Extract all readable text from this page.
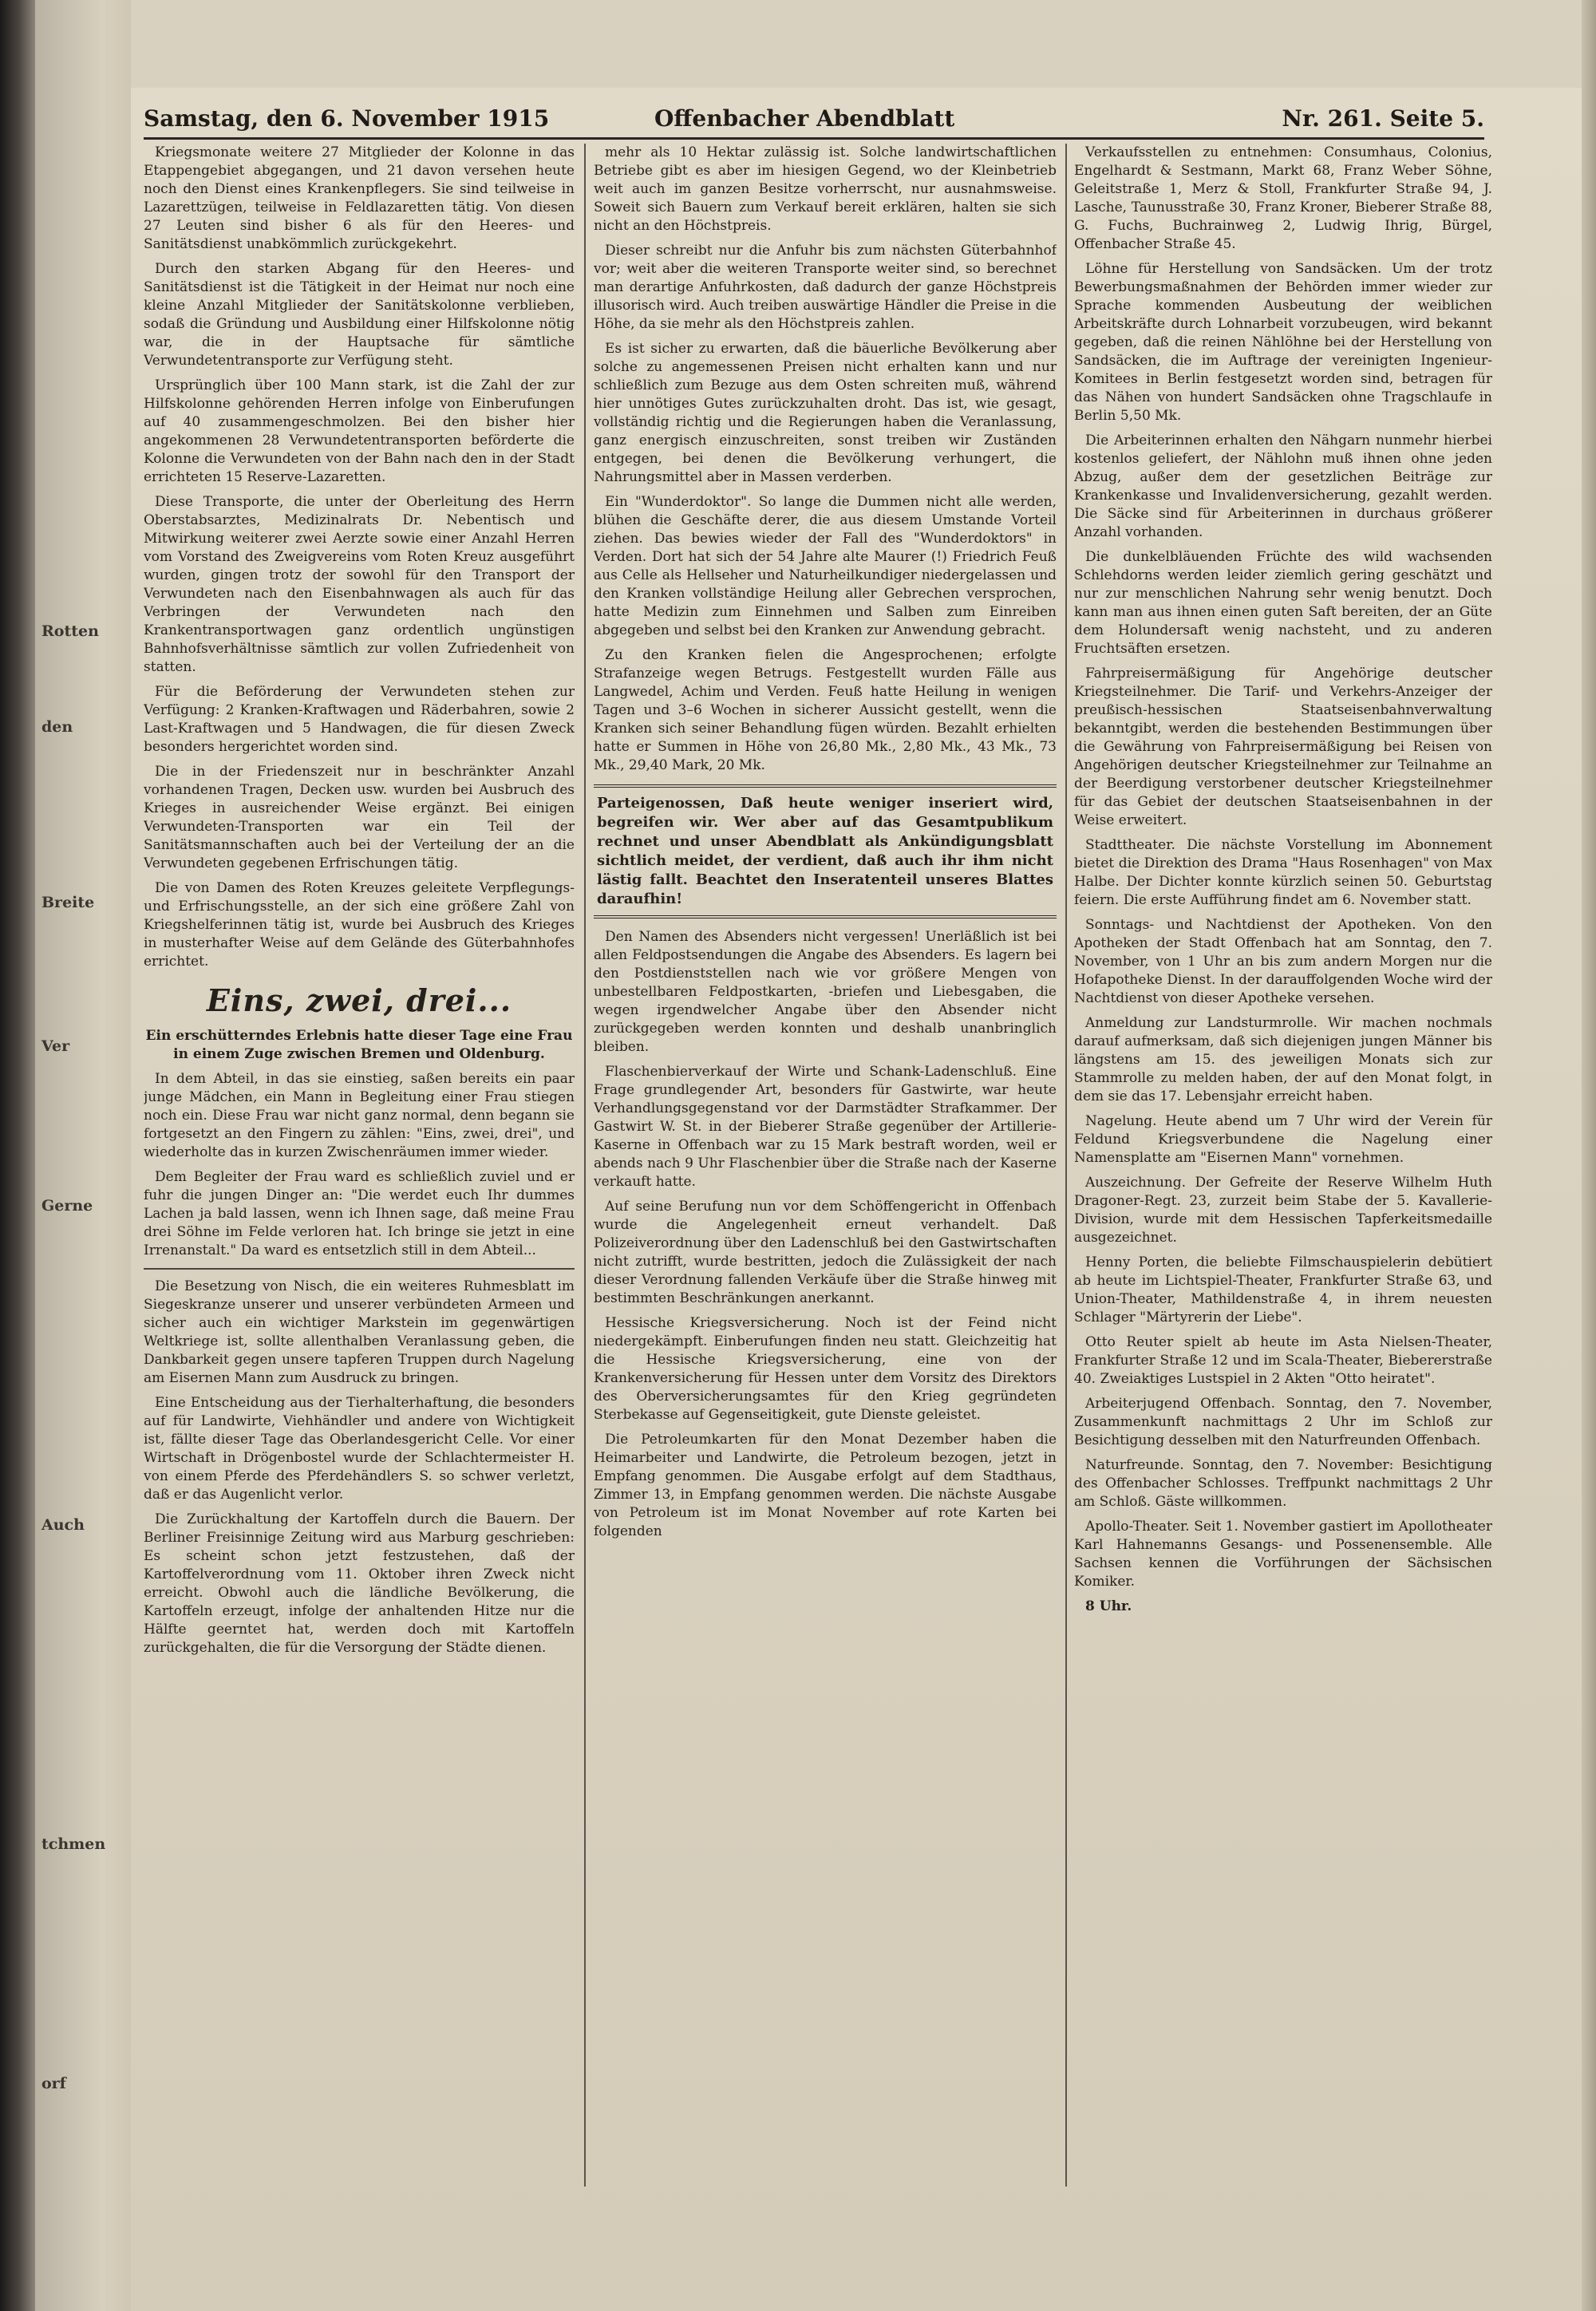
Rotten
den
Breite
Ver
Gerne
Auch
tchmen
orf
Samstag, den 6. November 1915	Offenbacher Abendblatt	Nr. 261. Seite 5.

Kriegsmonate weitere 27 Mitglieder der Kolonne in das Etappengebiet abgegangen, und 21 davon versehen heute noch den Dienst eines Krankenpflegers. Sie sind teilweise in Lazarettzügen, teilweise in Feldlazaretten tätig. Von diesen 27 Leuten sind bisher 6 als für den Heeres- und Sanitätsdienst unabkömmlich zurückgekehrt.

Durch den starken Abgang für den Heeres- und Sanitätsdienst ist die Tätigkeit in der Heimat nur noch eine kleine Anzahl Mitglieder der Sanitätskolonne verblieben, sodaß die Gründung und Ausbildung einer Hilfskolonne nötig war, die in der Hauptsache für sämtliche Verwundetentransporte zur Verfügung steht.

Ursprünglich über 100 Mann stark, ist die Zahl der zur Hilfskolonne gehörenden Herren infolge von Einberufungen auf 40 zusammengeschmolzen. Bei den bisher hier angekommenen 28 Verwundetentransporten beförderte die Kolonne die Verwundeten von der Bahn nach den in der Stadt errichteten 15 Reserve-Lazaretten.

Diese Transporte, die unter der Oberleitung des Herrn Oberstabsarztes, Medizinalrats Dr. Nebentisch und Mitwirkung weiterer zwei Aerzte sowie einer Anzahl Herren vom Vorstand des Zweigvereins vom Roten Kreuz ausgeführt wurden, gingen trotz der sowohl für den Transport der Verwundeten nach den Eisenbahnwagen als auch für das Verbringen der Verwundeten nach den Krankentransportwagen ganz ordentlich ungünstigen Bahnhofsverhältnisse sämtlich zur vollen Zufriedenheit von statten.

Für die Beförderung der Verwundeten stehen zur Verfügung: 2 Kranken-Kraftwagen und Räderbahren, sowie 2 Last-Kraftwagen und 5 Handwagen, die für diesen Zweck besonders hergerichtet worden sind.

Die in der Friedenszeit nur in beschränkter Anzahl vorhandenen Tragen, Decken usw. wurden bei Ausbruch des Krieges in ausreichender Weise ergänzt. Bei einigen Verwundeten-Transporten war ein Teil der Sanitätsmannschaften auch bei der Verteilung der an die Verwundeten gegebenen Erfrischungen tätig.

Die von Damen des Roten Kreuzes geleitete Verpflegungs- und Erfrischungsstelle, an der sich eine größere Zahl von Kriegshelferinnen tätig ist, wurde bei Ausbruch des Krieges in musterhafter Weise auf dem Gelände des Güterbahnhofes errichtet.

Eins, zwei, drei...

Ein erschütterndes Erlebnis hatte dieser Tage eine Frau in einem Zuge zwischen Bremen und Oldenburg.

In dem Abteil, in das sie einstieg, saßen bereits ein paar junge Mädchen, ein Mann in Begleitung einer Frau stiegen noch ein. Diese Frau war nicht ganz normal, denn begann sie fortgesetzt an den Fingern zu zählen: "Eins, zwei, drei", und wiederholte das in kurzen Zwischenräumen immer wieder.

Dem Begleiter der Frau ward es schließlich zuviel und er fuhr die jungen Dinger an: "Die werdet euch Ihr dummes Lachen ja bald lassen, wenn ich Ihnen sage, daß meine Frau drei Söhne im Felde verloren hat. Ich bringe sie jetzt in eine Irrenanstalt." Da ward es entsetzlich still in dem Abteil...

Die Besetzung von Nisch, die ein weiteres Ruhmesblatt im Siegeskranze unserer und unserer verbündeten Armeen und sicher auch ein wichtiger Markstein im gegenwärtigen Weltkriege ist, sollte allenthalben Veranlassung geben, die Dankbarkeit gegen unsere tapferen Truppen durch Nagelung am Eisernen Mann zum Ausdruck zu bringen.

Eine Entscheidung aus der Tierhalterhaftung, die besonders auf für Landwirte, Viehhändler und andere von Wichtigkeit ist, fällte dieser Tage das Oberlandesgericht Celle. Vor einer Wirtschaft in Drögenbostel wurde der Schlachtermeister H. von einem Pferde des Pferdehändlers S. so schwer verletzt, daß er das Augenlicht verlor.

Die Zurückhaltung der Kartoffeln durch die Bauern. Der Berliner Freisinnige Zeitung wird aus Marburg geschrieben: Es scheint schon jetzt festzustehen, daß der Kartoffelverordnung vom 11. Oktober ihren Zweck nicht erreicht. Obwohl auch die ländliche Bevölkerung, die Kartoffeln erzeugt, infolge der anhaltenden Hitze nur die Hälfte geerntet hat, werden doch mit Kartoffeln zurückgehalten, die für die Versorgung der Städte dienen.

mehr als 10 Hektar zulässig ist. Solche landwirtschaftlichen Betriebe gibt es aber im hiesigen Gegend, wo der Kleinbetrieb weit auch im ganzen Besitze vorherrscht, nur ausnahmsweise. Soweit sich Bauern zum Verkauf bereit erklären, halten sie sich nicht an den Höchstpreis.

Dieser schreibt nur die Anfuhr bis zum nächsten Güterbahnhof vor; weit aber die weiteren Transporte weiter sind, so berechnet man derartige Anfuhrkosten, daß dadurch der ganze Höchstpreis illusorisch wird. Auch treiben auswärtige Händler die Preise in die Höhe, da sie mehr als den Höchstpreis zahlen.

Es ist sicher zu erwarten, daß die bäuerliche Bevölkerung aber solche zu angemessenen Preisen nicht erhalten kann und nur schließlich zum Bezuge aus dem Osten schreiten muß, während hier unnötiges Gutes zurückzuhalten droht. Das ist, wie gesagt, vollständig richtig und die Regierungen haben die Veranlassung, ganz energisch einzuschreiten, sonst treiben wir Zuständen entgegen, bei denen die Bevölkerung verhungert, die Nahrungsmittel aber in Massen verderben.

Ein "Wunderdoktor". So lange die Dummen nicht alle werden, blühen die Geschäfte derer, die aus diesem Umstande Vorteil ziehen. Das bewies wieder der Fall des "Wunderdoktors" in Verden. Dort hat sich der 54 Jahre alte Maurer (!) Friedrich Feuß aus Celle als Hellseher und Naturheilkundiger niedergelassen und den Kranken vollständige Heilung aller Gebrechen versprochen, hatte Medizin zum Einnehmen und Salben zum Einreiben abgegeben und selbst bei den Kranken zur Anwendung gebracht.

Zu den Kranken fielen die Angesprochenen; erfolgte Strafanzeige wegen Betrugs. Festgestellt wurden Fälle aus Langwedel, Achim und Verden. Feuß hatte Heilung in wenigen Tagen und 3–6 Wochen in sicherer Aussicht gestellt, wenn die Kranken sich seiner Behandlung fügen würden. Bezahlt erhielten hatte er Summen in Höhe von 26,80 Mk., 2,80 Mk., 43 Mk., 73 Mk., 29,40 Mark, 20 Mk.

Parteigenossen, Daß heute weniger inseriert wird, begreifen wir. Wer aber auf das Gesamtpublikum rechnet und unser Abendblatt als Ankündigungsblatt sichtlich meidet, der verdient, daß auch ihr ihm nicht lästig fallt. Beachtet den Inseratenteil unseres Blattes daraufhin!

Den Namen des Absenders nicht vergessen! Unerläßlich ist bei allen Feldpostsendungen die Angabe des Absenders. Es lagern bei den Postdienststellen nach wie vor größere Mengen von unbestellbaren Feldpostkarten, -briefen und Liebesgaben, die wegen irgendwelcher Angabe über den Absender nicht zurückgegeben werden konnten und deshalb unanbringlich bleiben.

Flaschenbierverkauf der Wirte und Schank-Ladenschluß. Eine Frage grundlegender Art, besonders für Gastwirte, war heute Verhandlungsgegenstand vor der Darmstädter Strafkammer. Der Gastwirt W. St. in der Bieberer Straße gegenüber der Artillerie-Kaserne in Offenbach war zu 15 Mark bestraft worden, weil er abends nach 9 Uhr Flaschenbier über die Straße nach der Kaserne verkauft hatte.

Auf seine Berufung nun vor dem Schöffengericht in Offenbach wurde die Angelegenheit erneut verhandelt. Daß Polizeiverordnung über den Ladenschluß bei den Gastwirtschaften nicht zutrifft, wurde bestritten, jedoch die Zulässigkeit der nach dieser Verordnung fallenden Verkäufe über die Straße hinweg mit bestimmten Beschränkungen anerkannt.

Hessische Kriegsversicherung. Noch ist der Feind nicht niedergekämpft. Einberufungen finden neu statt. Gleichzeitig hat die Hessische Kriegsversicherung, eine von der Krankenversicherung für Hessen unter dem Vorsitz des Direktors des Oberversicherungsamtes für den Krieg gegründeten Sterbekasse auf Gegenseitigkeit, gute Dienste geleistet.

Die Petroleumkarten für den Monat Dezember haben die Heimarbeiter und Landwirte, die Petroleum bezogen, jetzt in Empfang genommen. Die Ausgabe erfolgt auf dem Stadthaus, Zimmer 13, in Empfang genommen werden. Die nächste Ausgabe von Petroleum ist im Monat November auf rote Karten bei folgenden

Verkaufsstellen zu entnehmen: Consumhaus, Colonius, Engelhardt & Sestmann, Markt 68, Franz Weber Söhne, Geleitstraße 1, Merz & Stoll, Frankfurter Straße 94, J. Lasche, Taunusstraße 30, Franz Kroner, Bieberer Straße 88, G. Fuchs, Buchrainweg 2, Ludwig Ihrig, Bürgel, Offenbacher Straße 45.

Löhne für Herstellung von Sandsäcken. Um der trotz Bewerbungsmaßnahmen der Behörden immer wieder zur Sprache kommenden Ausbeutung der weiblichen Arbeitskräfte durch Lohnarbeit vorzubeugen, wird bekannt gegeben, daß die reinen Nählöhne bei der Herstellung von Sandsäcken, die im Auftrage der vereinigten Ingenieur-Komitees in Berlin festgesetzt worden sind, betragen für das Nähen von hundert Sandsäcken ohne Tragschlaufe in Berlin 5,50 Mk.

Die Arbeiterinnen erhalten den Nähgarn nunmehr hierbei kostenlos geliefert, der Nählohn muß ihnen ohne jeden Abzug, außer dem der gesetzlichen Beiträge zur Krankenkasse und Invalidenversicherung, gezahlt werden. Die Säcke sind für Arbeiterinnen in durchaus größerer Anzahl vorhanden.

Die dunkelbläuenden Früchte des wild wachsenden Schlehdorns werden leider ziemlich gering geschätzt und nur zur menschlichen Nahrung sehr wenig benutzt. Doch kann man aus ihnen einen guten Saft bereiten, der an Güte dem Holundersaft wenig nachsteht, und zu anderen Fruchtsäften ersetzen.

Fahrpreisermäßigung für Angehörige deutscher Kriegsteilnehmer. Die Tarif- und Verkehrs-Anzeiger der preußisch-hessischen Staatseisenbahnverwaltung bekanntgibt, werden die bestehenden Bestimmungen über die Gewährung von Fahrpreisermäßigung bei Reisen von Angehörigen deutscher Kriegsteilnehmer zur Teilnahme an der Beerdigung verstorbener deutscher Kriegsteilnehmer für das Gebiet der deutschen Staatseisenbahnen in der Weise erweitert.

Stadttheater. Die nächste Vorstellung im Abonnement bietet die Direktion des Drama "Haus Rosenhagen" von Max Halbe. Der Dichter konnte kürzlich seinen 50. Geburtstag feiern. Die erste Aufführung findet am 6. November statt.

Sonntags- und Nachtdienst der Apotheken. Von den Apotheken der Stadt Offenbach hat am Sonntag, den 7. November, von 1 Uhr an bis zum andern Morgen nur die Hofapotheke Dienst. In der darauffolgenden Woche wird der Nachtdienst von dieser Apotheke versehen.

Anmeldung zur Landsturmrolle. Wir machen nochmals darauf aufmerksam, daß sich diejenigen jungen Männer bis längstens am 15. des jeweiligen Monats sich zur Stammrolle zu melden haben, der auf den Monat folgt, in dem sie das 17. Lebensjahr erreicht haben.

Nagelung. Heute abend um 7 Uhr wird der Verein für Feldund Kriegsverbundene die Nagelung einer Namensplatte am "Eisernen Mann" vornehmen.

Auszeichnung. Der Gefreite der Reserve Wilhelm Huth Dragoner-Regt. 23, zurzeit beim Stabe der 5. Kavallerie-Division, wurde mit dem Hessischen Tapferkeitsmedaille ausgezeichnet.

Henny Porten, die beliebte Filmschauspielerin debütiert ab heute im Lichtspiel-Theater, Frankfurter Straße 63, und Union-Theater, Mathildenstraße 4, in ihrem neuesten Schlager "Märtyrerin der Liebe".

Otto Reuter spielt ab heute im Asta Nielsen-Theater, Frankfurter Straße 12 und im Scala-Theater, Biebererstraße 40. Zweiaktiges Lustspiel in 2 Akten "Otto heiratet".

Arbeiterjugend Offenbach. Sonntag, den 7. November, Zusammenkunft nachmittags 2 Uhr im Schloß zur Besichtigung desselben mit den Naturfreunden Offenbach.

Naturfreunde. Sonntag, den 7. November: Besichtigung des Offenbacher Schlosses. Treffpunkt nachmittags 2 Uhr am Schloß. Gäste willkommen.

Apollo-Theater. Seit 1. November gastiert im Apollotheater Karl Hahnemanns Gesangs- und Possenensemble. Alle Sachsen kennen die Vorführungen der Sächsischen Komiker.

8 Uhr.
